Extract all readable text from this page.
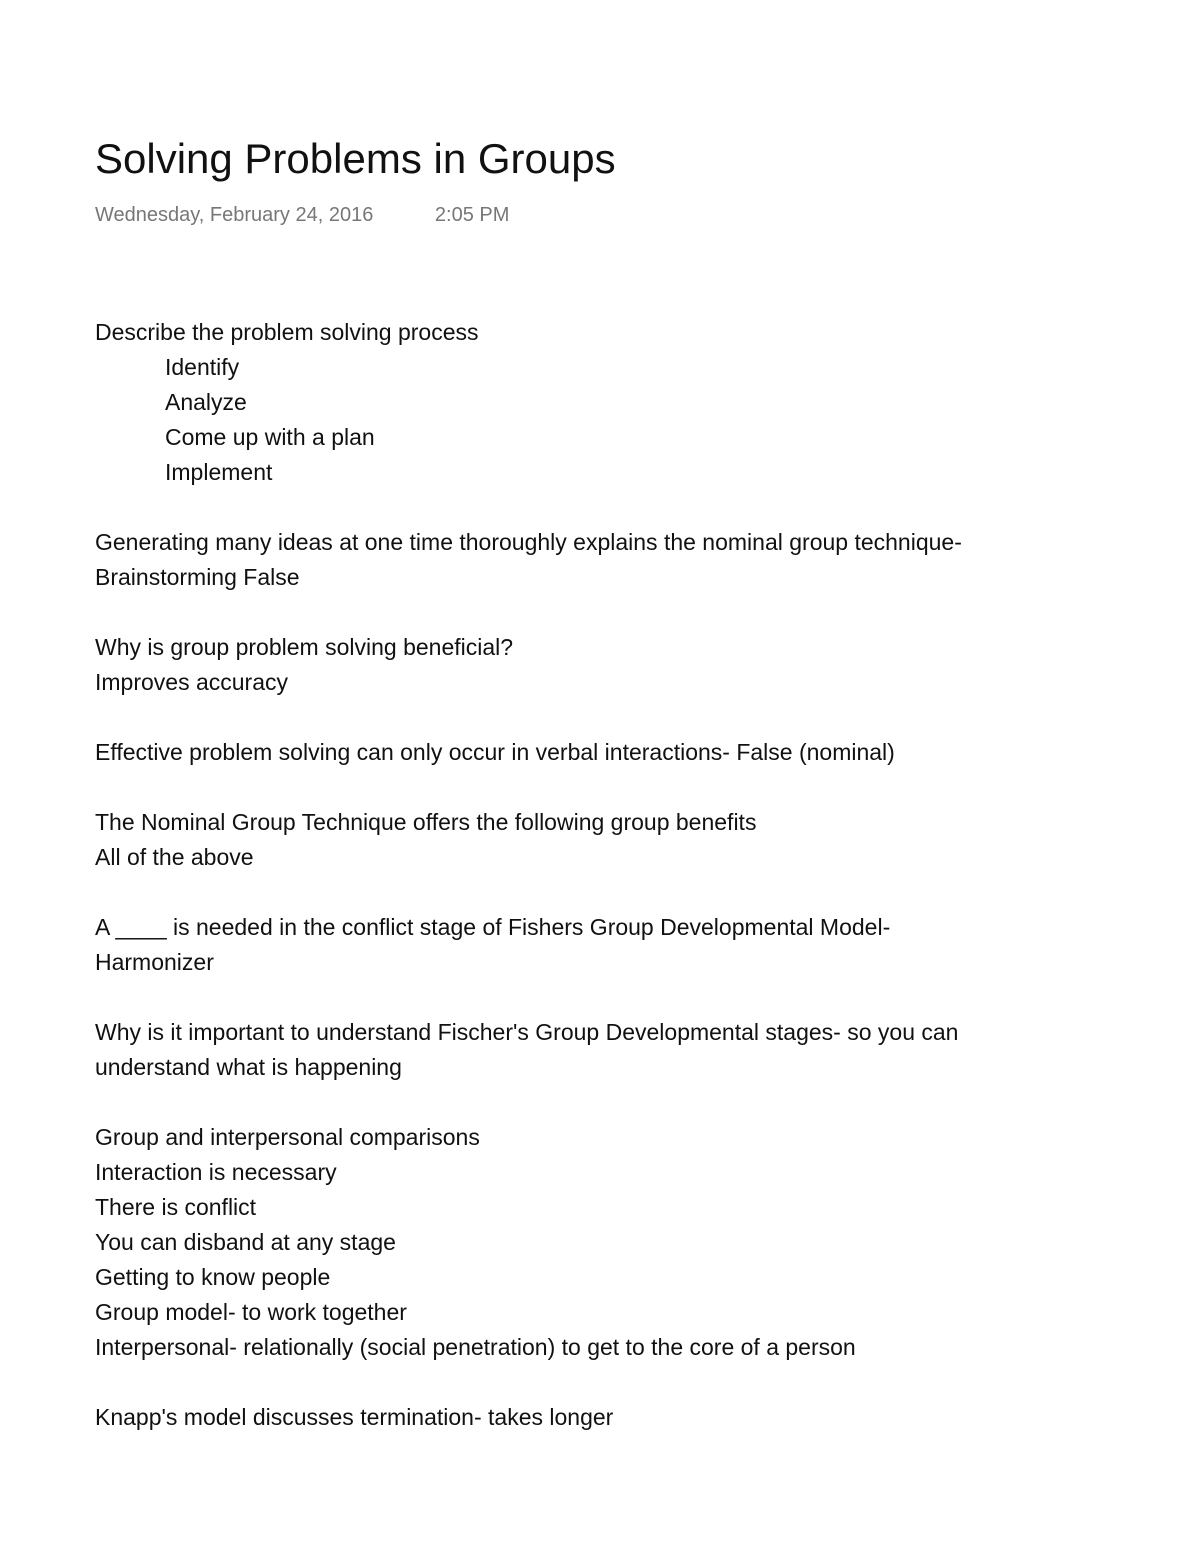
Solving Problems in Groups
Wednesday, February 24, 2016	2:05 PM
Describe the problem solving process
Identify
Analyze
Come up with a plan
Implement
Generating many ideas at one time thoroughly explains the nominal group technique-
Brainstorming False
Why is group problem solving beneficial?
Improves accuracy
Effective problem solving can only occur in verbal interactions- False (nominal)
The Nominal Group Technique offers the following group benefits
All of the above
A ____ is needed in the conflict stage of Fishers Group Developmental Model-
Harmonizer
Why is it important to understand Fischer's Group Developmental stages- so you can
understand what is happening
Group and interpersonal comparisons
Interaction is necessary
There is conflict
You can disband at any stage
Getting to know people
Group model- to work together
Interpersonal- relationally (social penetration) to get to the core of a person
Knapp's model discusses termination- takes longer
